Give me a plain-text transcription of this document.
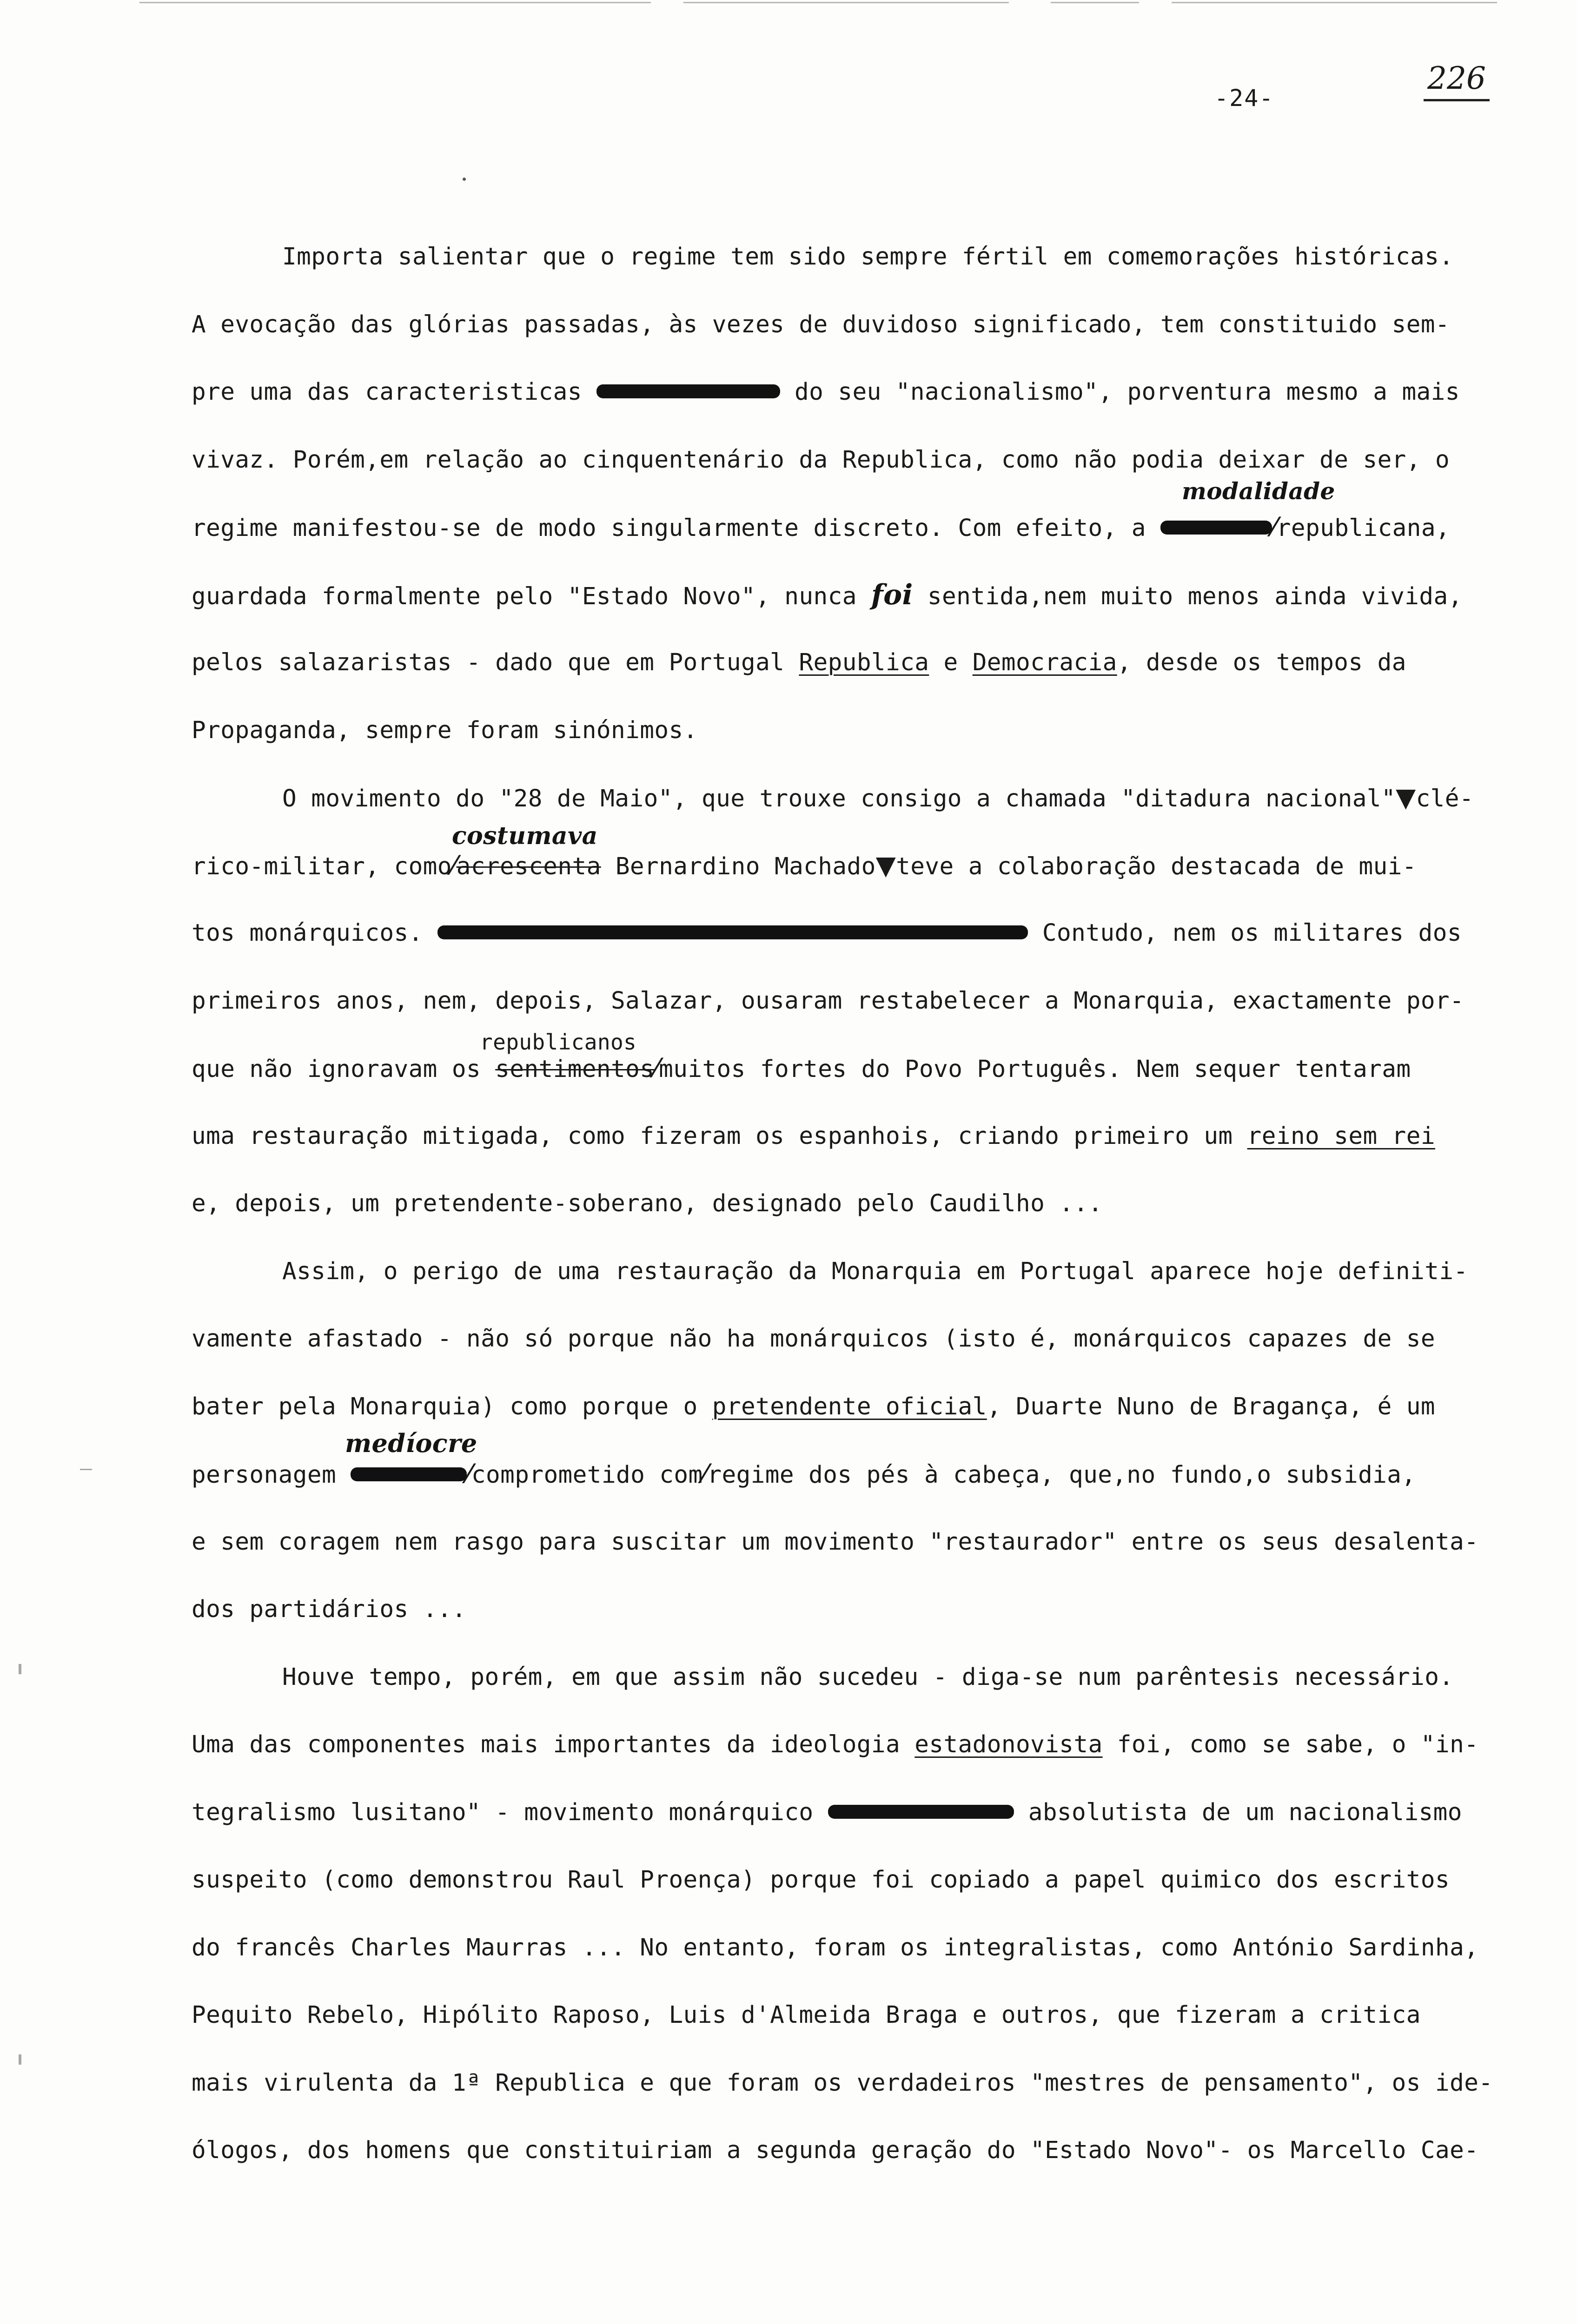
-24-
226
Importa salientar que o regime tem sido sempre fértil em comemorações históricas.
A evocação das glórias passadas, às vezes de duvidoso significado, tem constituido sem-
pre uma das caracteristicas	do seu "nacionalismo", porventura mesmo a mais
vivaz. Porém,em relação ao cinquentenário da Republica, como não podia deixar de ser, o
regime manifestou-se de modo singularmente discreto. Com efeito, a	⁄republicana,
modalidade
guardada formalmente pelo "Estado Novo", nunca foi sentida,nem muito menos ainda vivida,
pelos salazaristas - dado que em Portugal Republica e Democracia, desde os tempos da
Propaganda, sempre foram sinónimos.
O movimento do "28 de Maio", que trouxe consigo a chamada "ditadura nacional"▼clé-
rico-militar, como⁄acrescenta Bernardino Machado▼teve a colaboração destacada de mui-
costumava
tos monárquicos.	Contudo, nem os militares dos
primeiros anos, nem, depois, Salazar, ousaram restabelecer a Monarquia, exactamente por-
que não ignoravam os sentimentos⁄muitos fortes do Povo Português. Nem sequer tentaram
republicanos
uma restauração mitigada, como fizeram os espanhois, criando primeiro um reino sem rei
e, depois, um pretendente-soberano, designado pelo Caudilho ...
Assim, o perigo de uma restauração da Monarquia em Portugal aparece hoje definiti-
vamente afastado - não só porque não ha monárquicos (isto é, monárquicos capazes de se
bater pela Monarquia) como porque o pretendente oficial, Duarte Nuno de Bragança, é um
personagem	⁄comprometido com⁄regime dos pés à cabeça, que,no fundo,o subsidia,
medíocre
e sem coragem nem rasgo para suscitar um movimento "restaurador" entre os seus desalenta-
dos partidários ...
Houve tempo, porém, em que assim não sucedeu - diga-se num parêntesis necessário.
Uma das componentes mais importantes da ideologia estadonovista foi, como se sabe, o "in-
tegralismo lusitano" - movimento monárquico	absolutista de um nacionalismo
suspeito (como demonstrou Raul Proença) porque foi copiado a papel quimico dos escritos
do francês Charles Maurras ... No entanto, foram os integralistas, como António Sardinha,
Pequito Rebelo, Hipólito Raposo, Luis d'Almeida Braga e outros, que fizeram a critica
mais virulenta da 1ª Republica e que foram os verdadeiros "mestres de pensamento", os ide-
ólogos, dos homens que constituiriam a segunda geração do "Estado Novo"- os Marcello Cae-
